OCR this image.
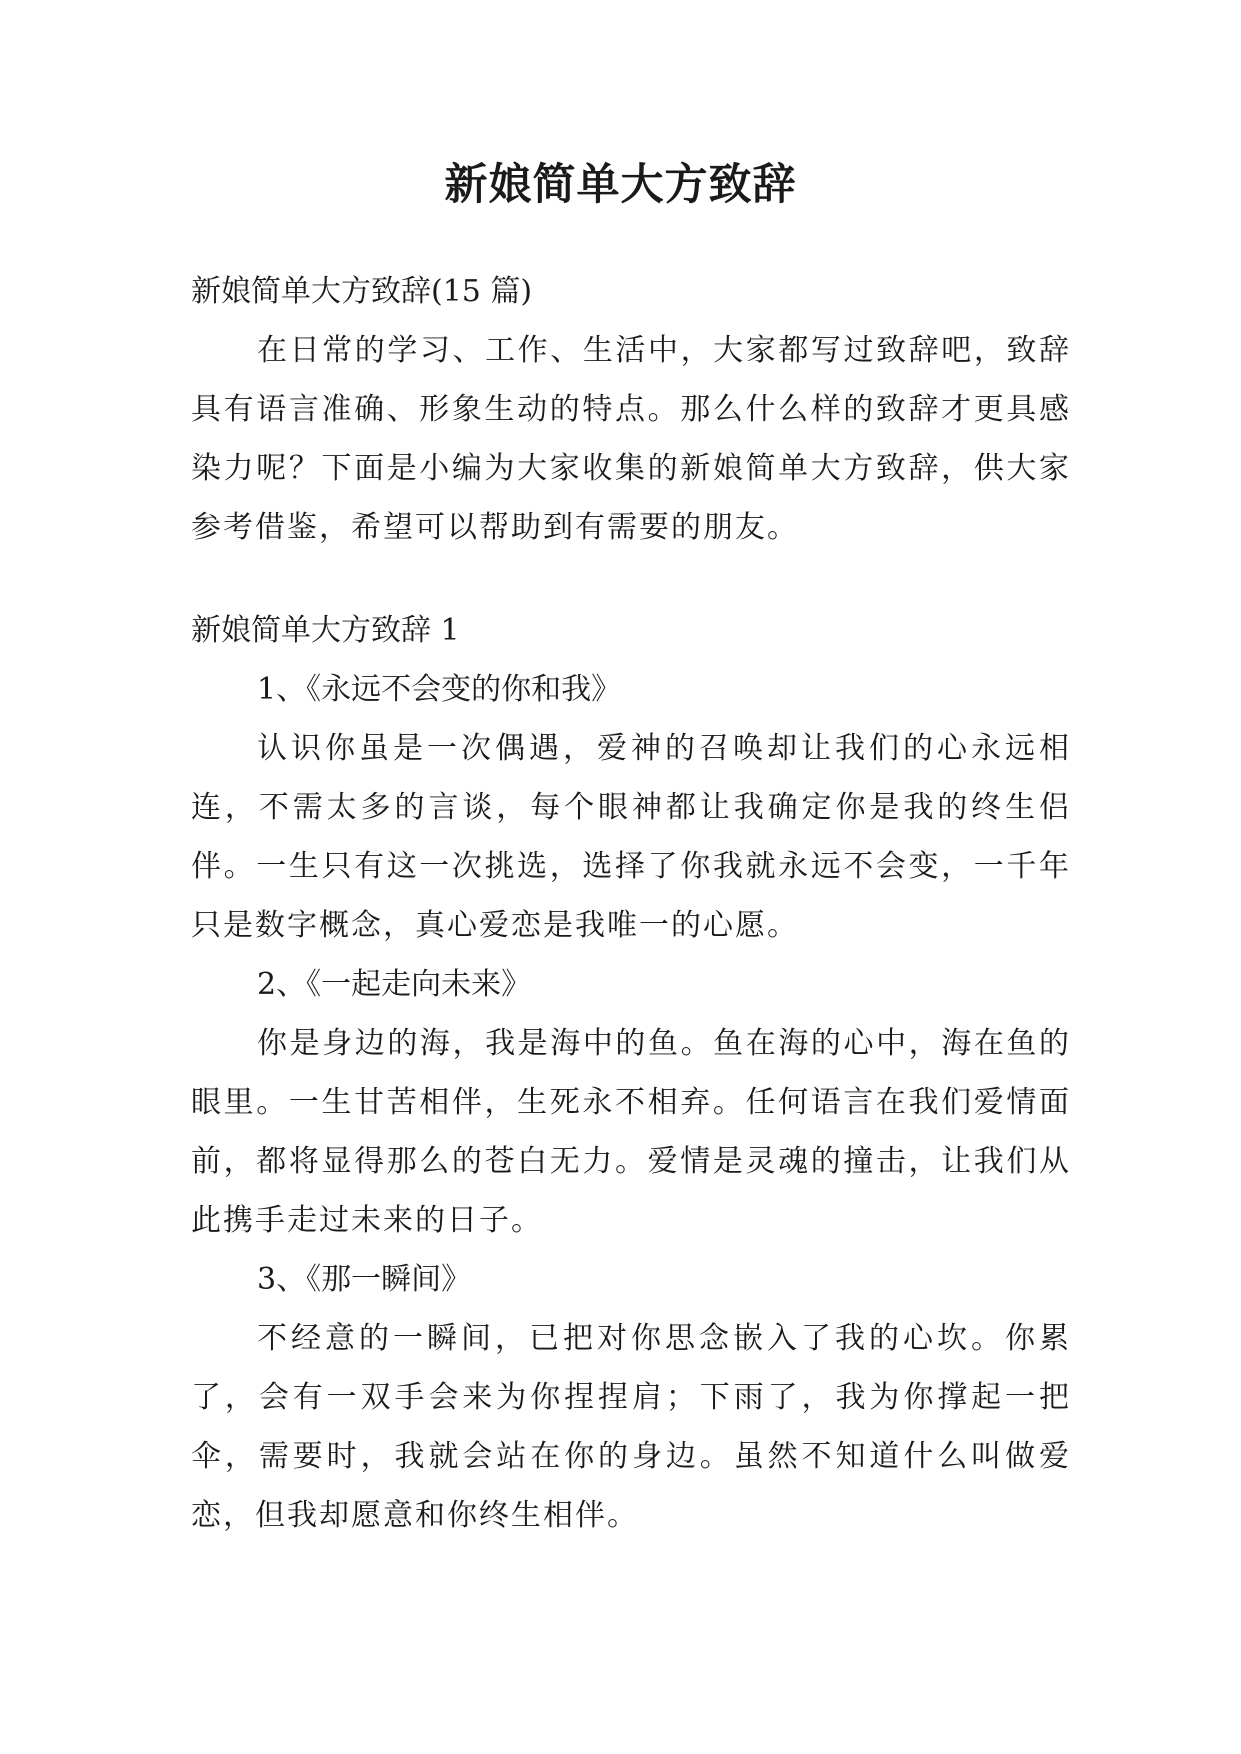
新娘简单大方致辞

新娘简单大方致辞(15 篇)

在日常的学习、工作、生活中，大家都写过致辞吧，致辞具有语言准确、形象生动的特点。那么什么样的致辞才更具感染力呢？下面是小编为大家收集的新娘简单大方致辞，供大家参考借鉴，希望可以帮助到有需要的朋友。

新娘简单大方致辞 1

1、《永远不会变的你和我》

认识你虽是一次偶遇，爱神的召唤却让我们的心永远相连，不需太多的言谈，每个眼神都让我确定你是我的终生侣伴。一生只有这一次挑选，选择了你我就永远不会变，一千年只是数字概念，真心爱恋是我唯一的心愿。

2、《一起走向未来》

你是身边的海，我是海中的鱼。鱼在海的心中，海在鱼的眼里。一生甘苦相伴，生死永不相弃。任何语言在我们爱情面前，都将显得那么的苍白无力。爱情是灵魂的撞击，让我们从此携手走过未来的日子。

3、《那一瞬间》

不经意的一瞬间，已把对你思念嵌入了我的心坎。你累了，会有一双手会来为你捏捏肩；下雨了，我为你撑起一把伞，需要时，我就会站在你的身边。虽然不知道什么叫做爱恋，但我却愿意和你终生相伴。
